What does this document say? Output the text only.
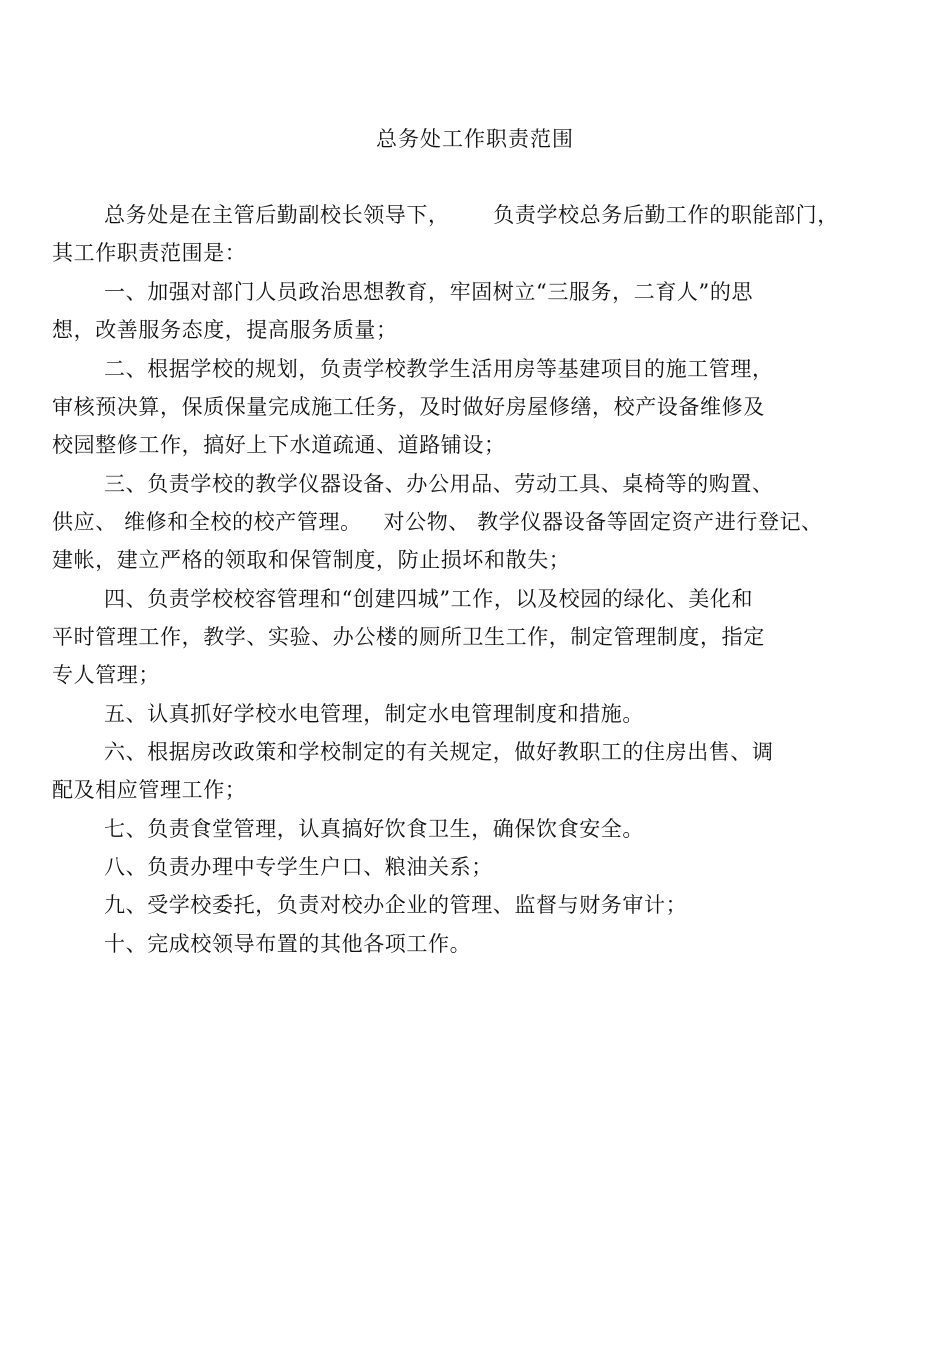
总务处工作职责范围
总务处是在主管后勤副校长领导下，      负责学校总务后勤工作的职能部门，
其工作职责范围是：
一、加强对部门人员政治思想教育，牢固树立“三服务，二育人”的思
想，改善服务态度，提高服务质量；
二、根据学校的规划，负责学校教学生活用房等基建项目的施工管理，
审核预决算，保质保量完成施工任务，及时做好房屋修缮，校产设备维修及
校园整修工作，搞好上下水道疏通、道路铺设；
三、负责学校的教学仪器设备、办公用品、劳动工具、桌椅等的购置、
供应、 维修和全校的校产管理。   对公物、 教学仪器设备等固定资产进行登记、
建帐，建立严格的领取和保管制度，防止损坏和散失；
四、负责学校校容管理和“创建四城”工作，以及校园的绿化、美化和
平时管理工作，教学、实验、办公楼的厕所卫生工作，制定管理制度，指定
专人管理；
五、认真抓好学校水电管理，制定水电管理制度和措施。
六、根据房改政策和学校制定的有关规定，做好教职工的住房出售、调
配及相应管理工作；
七、负责食堂管理，认真搞好饮食卫生，确保饮食安全。
八、负责办理中专学生户口、粮油关系；
九、受学校委托，负责对校办企业的管理、监督与财务审计；
十、完成校领导布置的其他各项工作。
